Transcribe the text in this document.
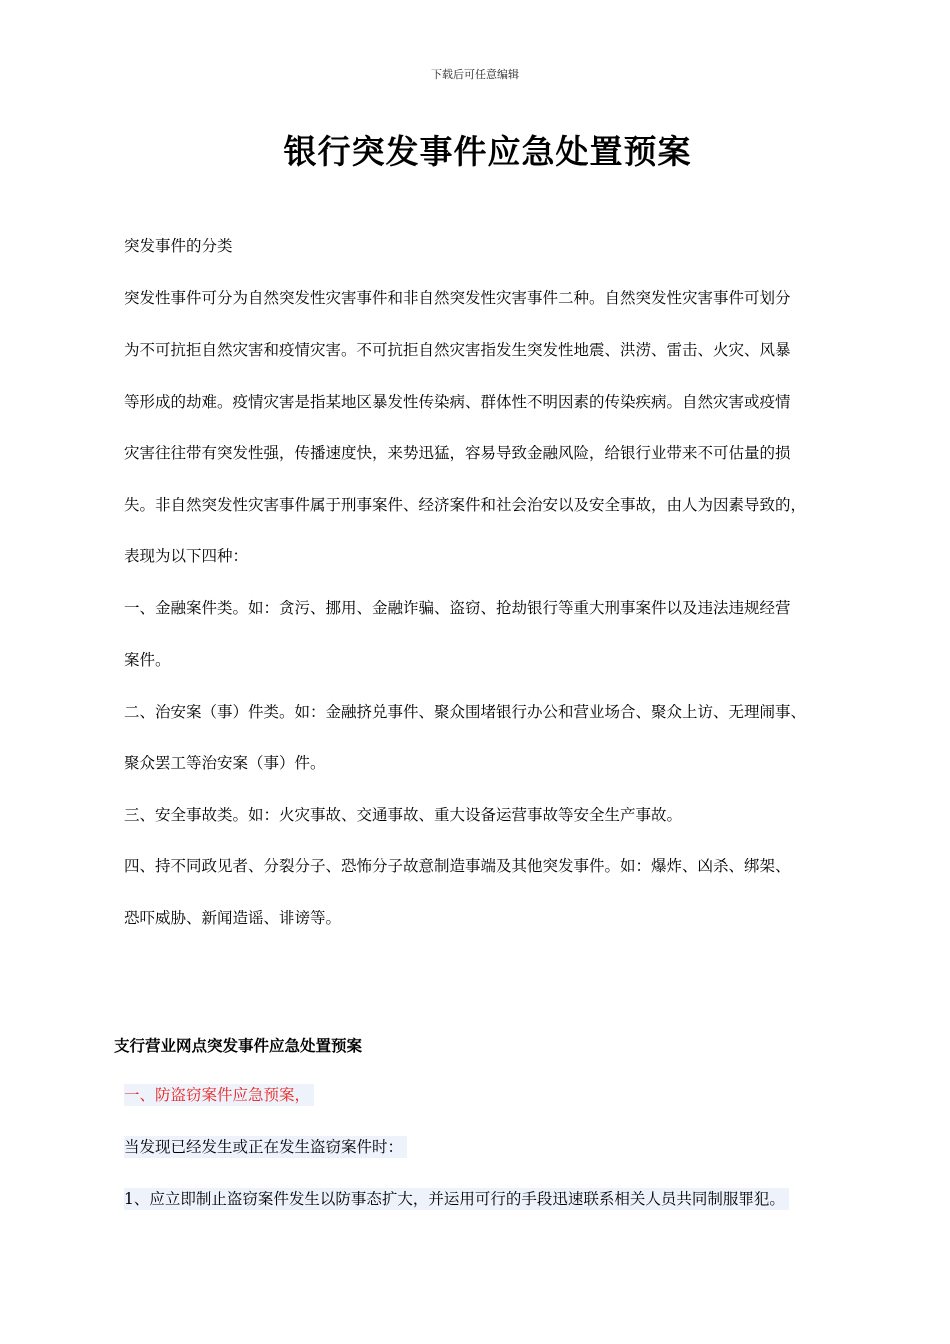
下载后可任意编辑
银行突发事件应急处置预案
突发事件的分类
突发性事件可分为自然突发性灾害事件和非自然突发性灾害事件二种。自然突发性灾害事件可划分
为不可抗拒自然灾害和疫情灾害。不可抗拒自然灾害指发生突发性地震、洪涝、雷击、火灾、风暴
等形成的劫难。疫情灾害是指某地区暴发性传染病、群体性不明因素的传染疾病。自然灾害或疫情
灾害往往带有突发性强，传播速度快，来势迅猛，容易导致金融风险，给银行业带来不可估量的损
失。非自然突发性灾害事件属于刑事案件、经济案件和社会治安以及安全事故，由人为因素导致的，
表现为以下四种：
一、金融案件类。如：贪污、挪用、金融诈骗、盗窃、抢劫银行等重大刑事案件以及违法违规经营
案件。
二、治安案（事）件类。如：金融挤兑事件、聚众围堵银行办公和营业场合、聚众上访、无理闹事、
聚众罢工等治安案（事）件。
三、安全事故类。如：火灾事故、交通事故、重大设备运营事故等安全生产事故。
四、持不同政见者、分裂分子、恐怖分子故意制造事端及其他突发事件。如：爆炸、凶杀、绑架、
恐吓威胁、新闻造谣、诽谤等。
支行营业网点突发事件应急处置预案
一、防盗窃案件应急预案，
当发现已经发生或正在发生盗窃案件时：
1、应立即制止盗窃案件发生以防事态扩大，并运用可行的手段迅速联系相关人员共同制服罪犯。
